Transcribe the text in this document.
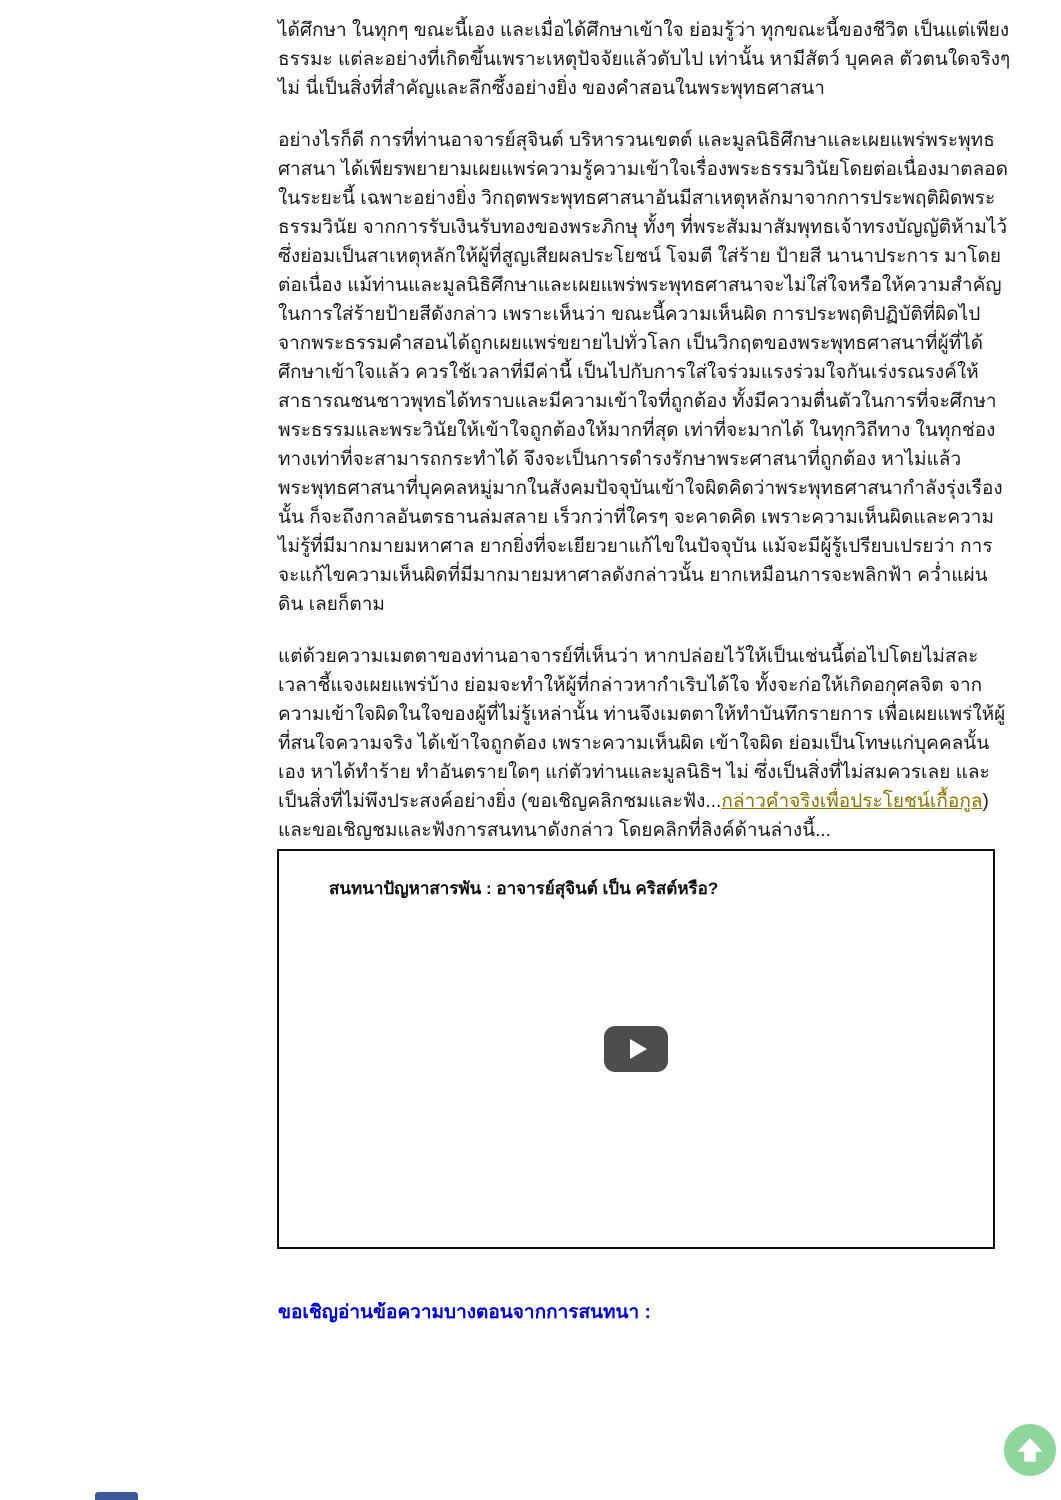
ได้ศึกษา ในทุกๆ ขณะนี้เอง และเมื่อได้ศึกษาเข้าใจ ย่อมรู้ว่า ทุกขณะนี้ของชีวิต เป็นแต่เพียงธรรมะ แต่ละอย่างที่เกิดขึ้นเพราะเหตุปัจจัยแล้วดับไป เท่านั้น หามีสัตว์ บุคคล ตัวตนใดจริงๆ ไม่ นี่เป็นสิ่งที่สำคัญและลึกซึ้งอย่างยิ่ง ของคำสอนในพระพุทธศาสนา

อย่างไรก็ดี การที่ท่านอาจารย์สุจินต์ บริหารวนเขตต์ และมูลนิธิศึกษาและเผยแพร่พระพุทธศาสนา ได้เพียรพยายามเผยแพร่ความรู้ความเข้าใจเรื่องพระธรรมวินัยโดยต่อเนื่องมาตลอดในระยะนี้ เฉพาะอย่างยิ่ง วิกฤตพระพุทธศาสนาอันมีสาเหตุหลักมาจากการประพฤติผิดพระธรรมวินัย จากการรับเงินรับทองของพระภิกษุ ทั้งๆ ที่พระสัมมาสัมพุทธเจ้าทรงบัญญัติห้ามไว้ ซึ่งย่อมเป็นสาเหตุหลักให้ผู้ที่สูญเสียผลประโยชน์ โจมตี ใส่ร้าย ป้ายสี นานาประการ มาโดยต่อเนื่อง แม้ท่านและมูลนิธิศึกษาและเผยแพร่พระพุทธศาสนาจะไม่ใส่ใจหรือให้ความสำคัญในการใส่ร้ายป้ายสีดังกล่าว เพราะเห็นว่า ขณะนี้ความเห็นผิด การประพฤติปฏิบัติที่ผิดไปจากพระธรรมคำสอนได้ถูกเผยแพร่ขยายไปทั่วโลก เป็นวิกฤตของพระพุทธศาสนาที่ผู้ที่ได้ศึกษาเข้าใจแล้ว ควรใช้เวลาที่มีค่านี้ เป็นไปกับการใส่ใจร่วมแรงร่วมใจกันเร่งรณรงค์ให้สาธารณชนชาวพุทธได้ทราบและมีความเข้าใจที่ถูกต้อง ทั้งมีความตื่นตัวในการที่จะศึกษาพระธรรมและพระวินัยให้เข้าใจถูกต้องให้มากที่สุด เท่าที่จะมากได้ ในทุกวิถีทาง ในทุกช่องทางเท่าที่จะสามารถกระทำได้ จึงจะเป็นการดำรงรักษาพระศาสนาที่ถูกต้อง หาไม่แล้ว พระพุทธศาสนาที่บุคคลหมู่มากในสังคมปัจจุบันเข้าใจผิดคิดว่าพระพุทธศาสนากำลังรุ่งเรืองนั้น ก็จะถึงกาลอันตรธานล่มสลาย เร็วกว่าที่ใครๆ จะคาดคิด เพราะความเห็นผิดและความไม่รู้ที่มีมากมายมหาศาล ยากยิ่งที่จะเยียวยาแก้ไขในปัจจุบัน แม้จะมีผู้รู้เปรียบเปรยว่า การจะแก้ไขความเห็นผิดที่มีมากมายมหาศาลดังกล่าวนั้น ยากเหมือนการจะพลิกฟ้า คว่ำแผ่นดิน เลยก็ตาม

แต่ด้วยความเมตตาของท่านอาจารย์ที่เห็นว่า หากปล่อยไว้ให้เป็นเช่นนี้ต่อไปโดยไม่สละเวลาชี้แจงเผยแพร่บ้าง ย่อมจะทำให้ผู้ที่กล่าวหากำเริบได้ใจ ทั้งจะก่อให้เกิดอกุศลจิต จากความเข้าใจผิดในใจของผู้ที่ไม่รู้เหล่านั้น ท่านจึงเมตตาให้ทำบันทึกรายการ เพื่อเผยแพร่ให้ผู้ที่สนใจความจริง ได้เข้าใจถูกต้อง เพราะความเห็นผิด เข้าใจผิด ย่อมเป็นโทษแก่บุคคลนั้นเอง หาได้ทำร้าย ทำอันตรายใดๆ แก่ตัวท่านและมูลนิธิฯ ไม่ ซึ่งเป็นสิ่งที่ไม่สมควรเลย และเป็นสิ่งที่ไม่พึงประสงค์อย่างยิ่ง (ขอเชิญคลิกชมและฟัง...กล่าวคำจริงเพื่อประโยชน์เกื้อกูล) และขอเชิญชมและฟังการสนทนาดังกล่าว โดยคลิกที่ลิงค์ด้านล่างนี้...

สนทนาปัญหาสารพัน : อาจารย์สุจินต์ เป็น คริสต์หรือ?
ขอเชิญอ่านข้อความบางตอนจากการสนทนา :
